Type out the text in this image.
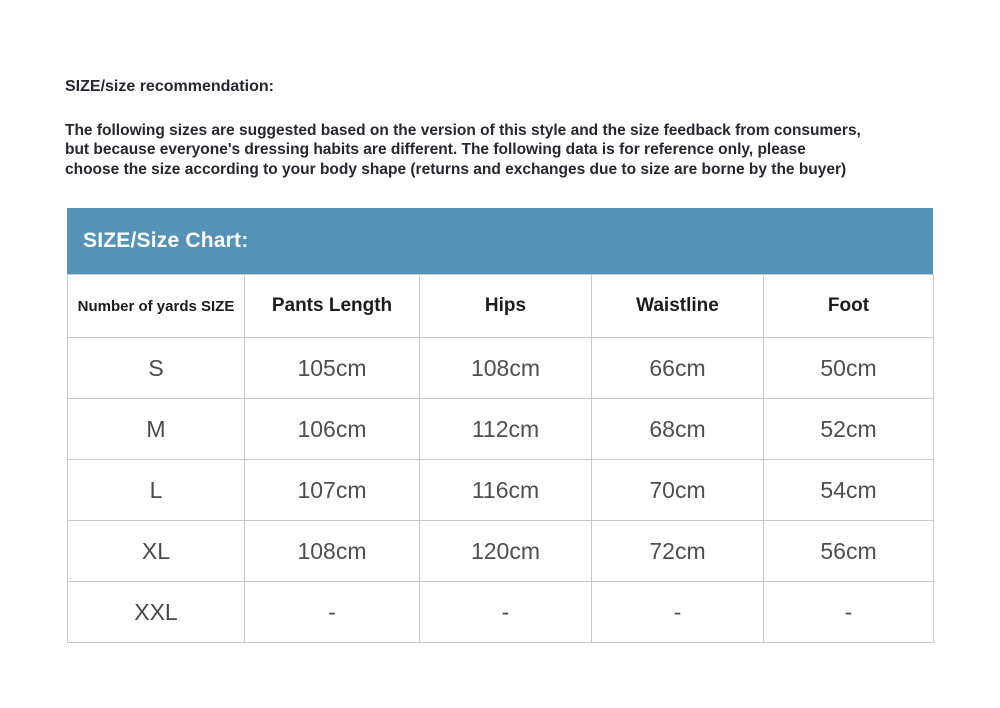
SIZE/size recommendation:
The following sizes are suggested based on the version of this style and the size feedback from consumers,
but because everyone's dressing habits are different. The following data is for reference only, please
choose the size according to your body shape (returns and exchanges due to size are borne by the buyer)
SIZE/Size Chart:
Number of yards SIZE	Pants Length	Hips	Waistline	Foot
S	105cm	108cm	66cm	50cm
M	106cm	112cm	68cm	52cm
L	107cm	116cm	70cm	54cm
XL	108cm	120cm	72cm	56cm
XXL	-	-	-	-
